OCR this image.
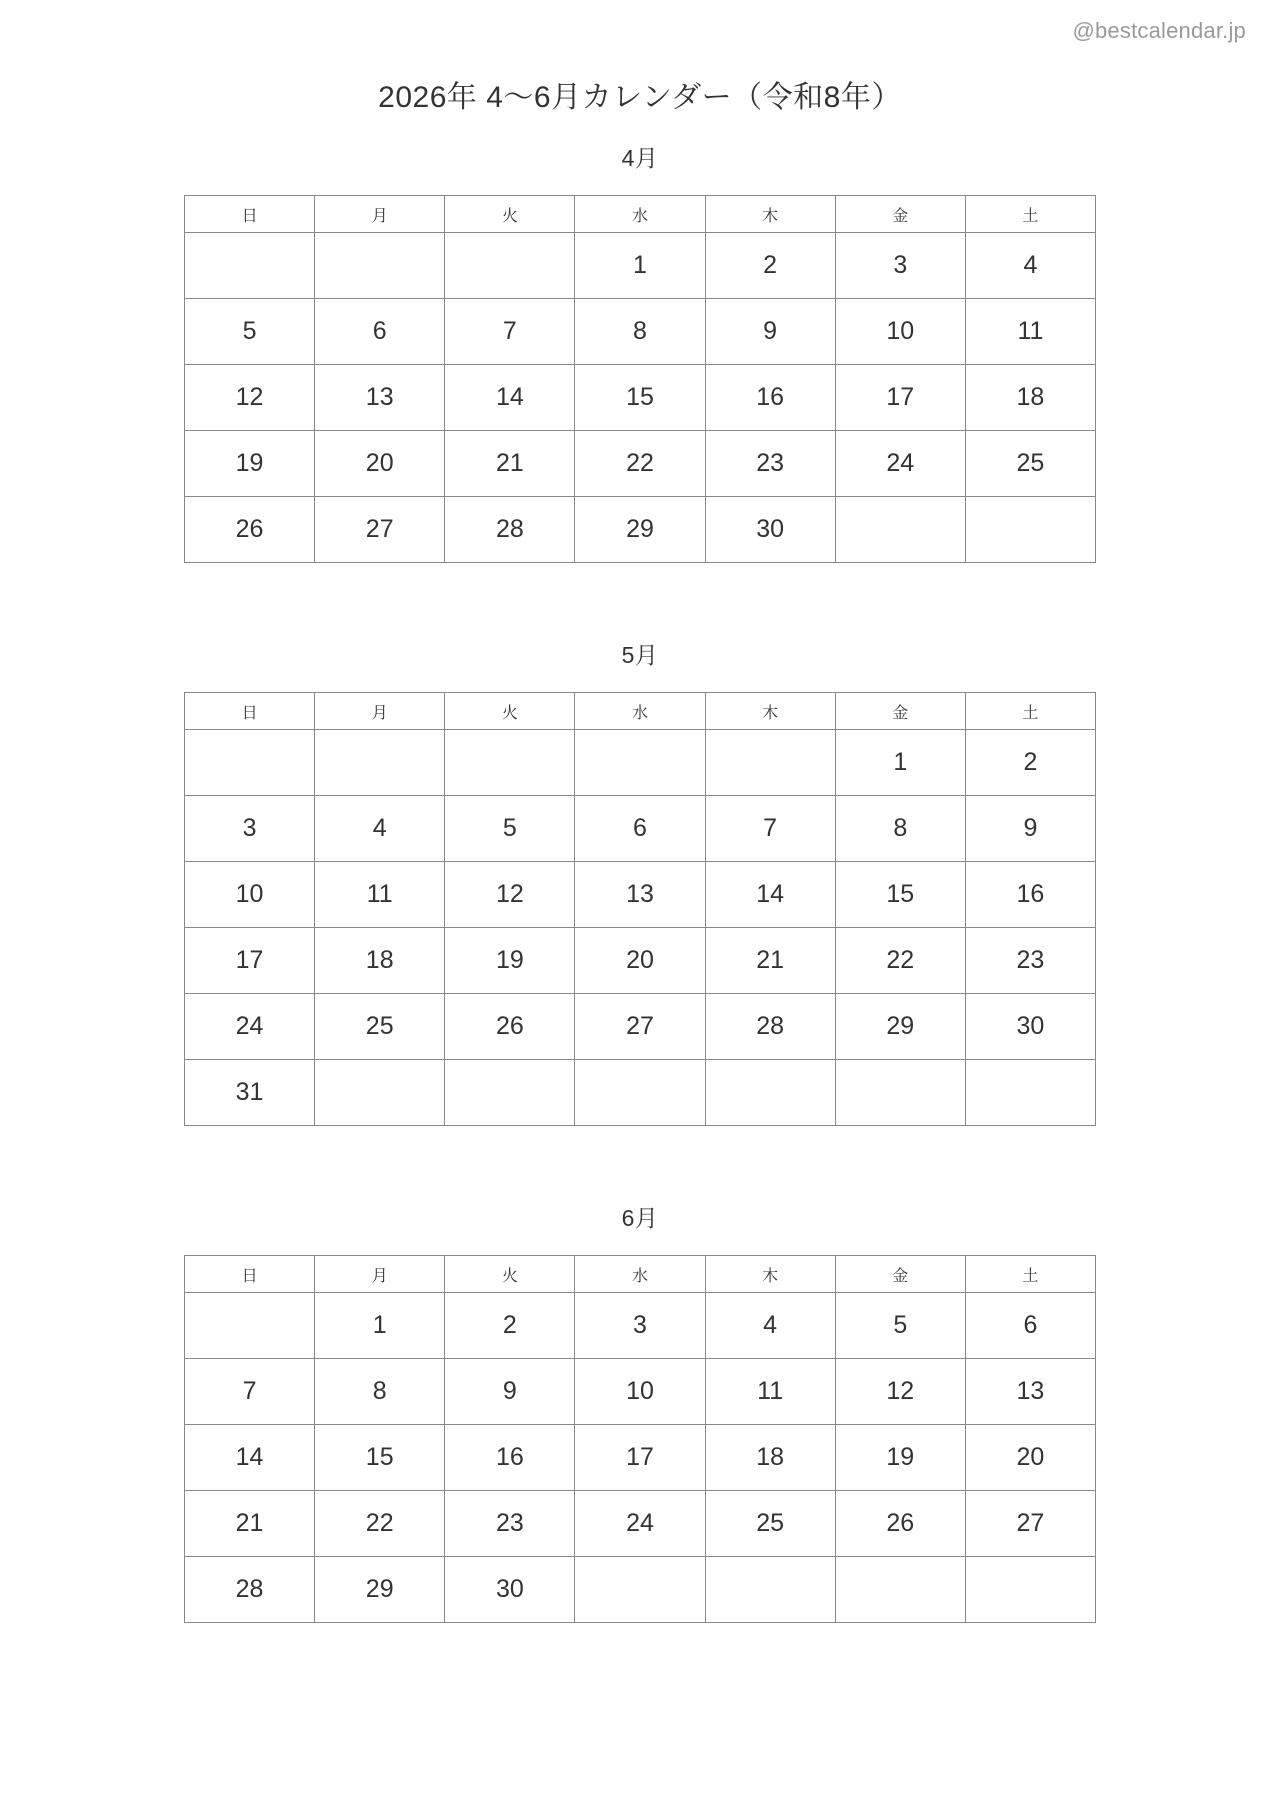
@bestcalendar.jp
2026年 4〜6月カレンダー（令和8年）
4月
日	月	火	水	木	金	土
			1	2	3	4
5	6	7	8	9	10	11
12	13	14	15	16	17	18
19	20	21	22	23	24	25
26	27	28	29	30		
5月
日	月	火	水	木	金	土
					1	2
3	4	5	6	7	8	9
10	11	12	13	14	15	16
17	18	19	20	21	22	23
24	25	26	27	28	29	30
31						
6月
日	月	火	水	木	金	土
	1	2	3	4	5	6
7	8	9	10	11	12	13
14	15	16	17	18	19	20
21	22	23	24	25	26	27
28	29	30				
